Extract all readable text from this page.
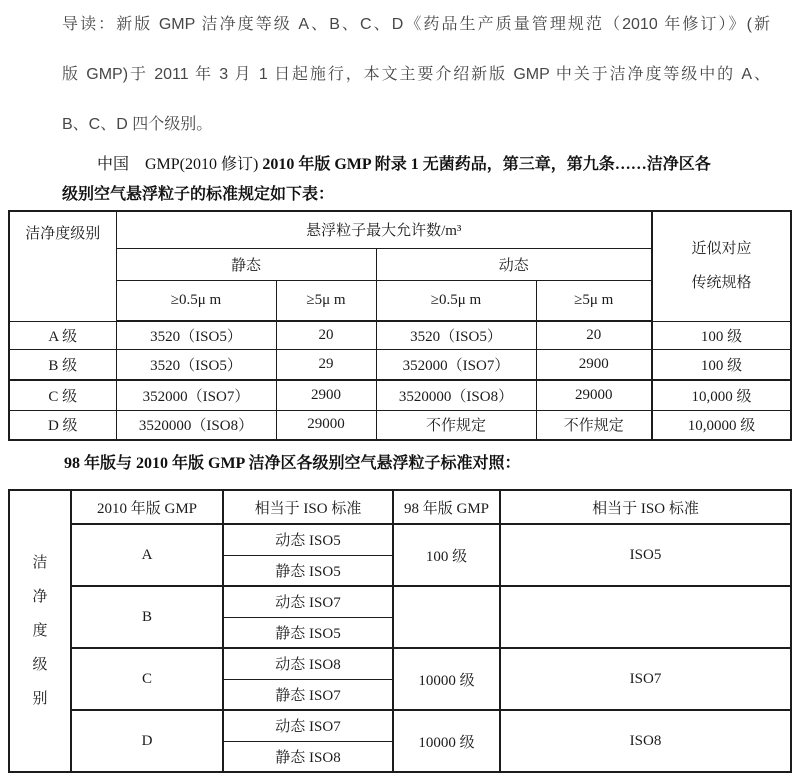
导读：新版 GMP 洁净度等级 A、B、C、D《药品生产质量管理规范（2010 年修订）》(新
版 GMP)于 2011 年 3 月 1 日起施行，本文主要介绍新版 GMP 中关于洁净度等级中的 A、
B、C、D 四个级别。
中国　GMP(2010 修订) 2010 年版 GMP 附录 1 无菌药品，第三章，第九条……洁净区各
级别空气悬浮粒子的标准规定如下表：
洁净度级别	悬浮粒子最大允许数/m³				近似对应
传统规格

	静态		动态		
	≥0.5μ m	≥5μ m	≥0.5μ m	≥5μ m	
A 级	3520（ISO5）	20	3520（ISO5）	20	100 级
B 级	3520（ISO5）	29	352000（ISO7）	2900	100 级
C 级	352000（ISO7）	2900	3520000（ISO8）	29000	10,000 级
D 级	3520000（ISO8）	29000	不作规定	不作规定	10,0000 级
98 年版与 2010 年版 GMP 洁净区各级别空气悬浮粒子标准对照：
洁
净
度
级
别	2010 年版 GMP	相当于 ISO 标准	98 年版 GMP	相当于 ISO 标准
	A	动态 ISO5	100 级	ISO5
		静态 ISO5		
	B	动态 ISO7		
		静态 ISO5		
	C	动态 ISO8	10000 级	ISO7
		静态 ISO7		
	D	动态 ISO7	10000 级	ISO8
		静态 ISO8		
